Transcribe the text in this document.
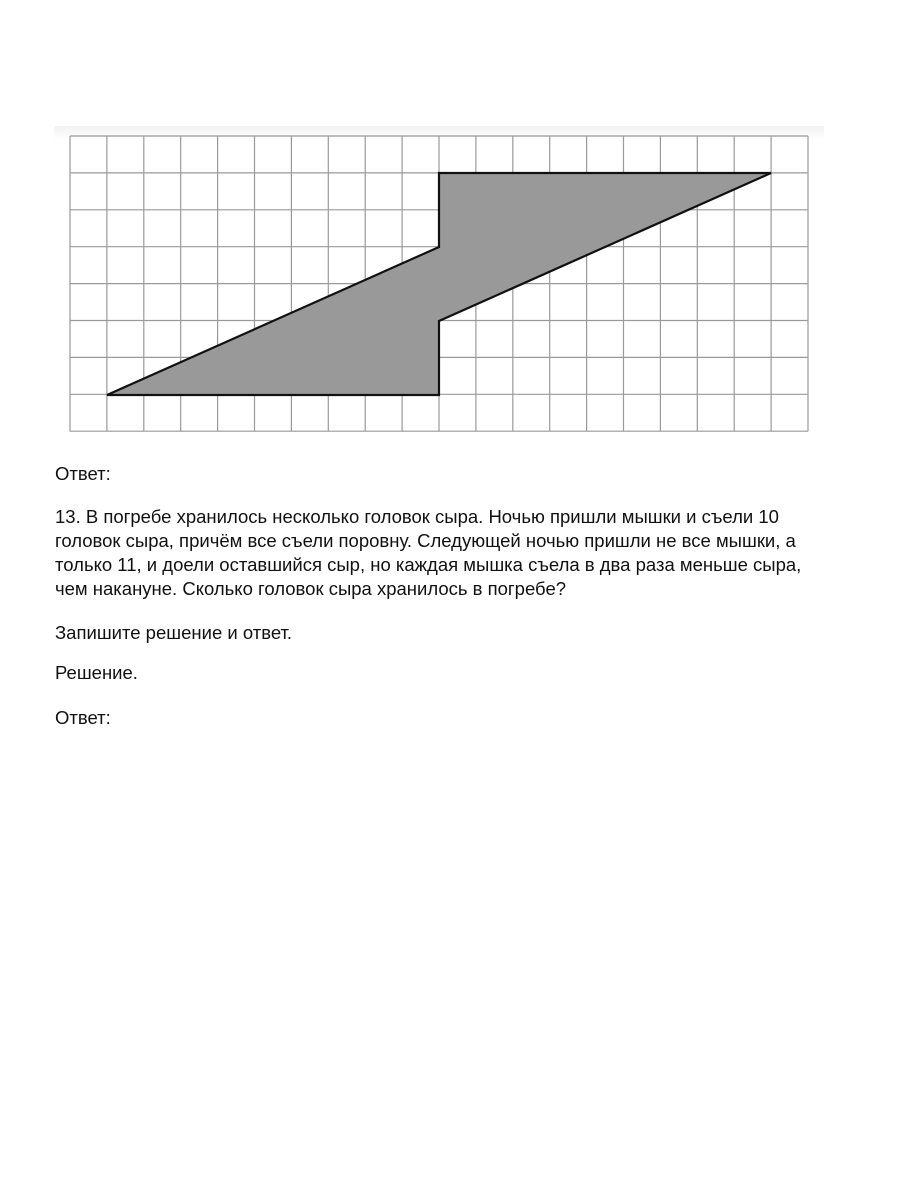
Ответ:

13. В погребе хранилось несколько головок сыра. Ночью пришли мышки и съели 10
головок сыра, причём все съели поровну. Следующей ночью пришли не все мышки, а
только 11, и доели оставшийся сыр, но каждая мышка съела в два раза меньше сыра,
чем накануне. Сколько головок сыра хранилось в погребе?

Запишите решение и ответ.

Решение.

Ответ:
